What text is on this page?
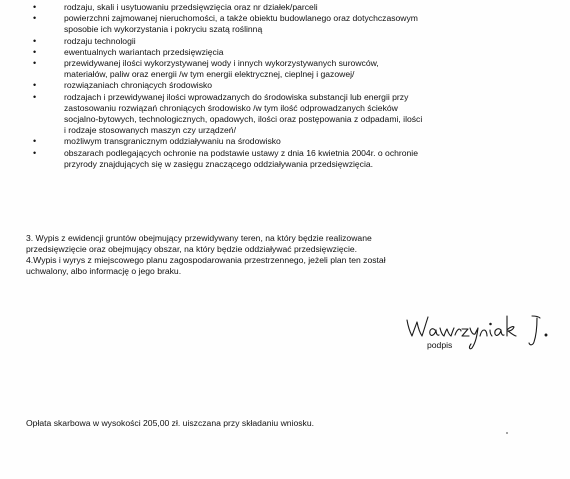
•	rodzaju, skali i usytuowaniu przedsięwzięcia oraz nr działek/parceli
•	powierzchni zajmowanej nieruchomości, a także obiektu budowlanego oraz dotychczasowym
sposobie ich wykorzystania i pokryciu szatą roślinną
•	rodzaju technologii
•	ewentualnych wariantach przedsięwzięcia
•	przewidywanej ilości wykorzystywanej wody i innych wykorzystywanych surowców,
materiałów, paliw oraz energii /w tym energii elektrycznej, cieplnej i gazowej/
•	rozwiązaniach chroniących środowisko
•	rodzajach i przewidywanej ilości wprowadzanych do środowiska substancji lub energii przy
zastosowaniu rozwiązań chroniących środowisko /w tym ilość odprowadzanych ścieków
socjalno-bytowych, technologicznych, opadowych, ilości oraz postępowania z odpadami, ilości
i rodzaje stosowanych maszyn czy urządzeń/
•	możliwym transgranicznym oddziaływaniu na środowisko
•	obszarach podlegających ochronie na podstawie ustawy z dnia 16 kwietnia 2004r. o ochronie
przyrody znajdujących się w zasięgu znaczącego oddziaływania przedsięwzięcia.

3. Wypis z ewidencji gruntów obejmujący przewidywany teren, na który będzie realizowane
przedsięwzięcie oraz obejmujący obszar, na który będzie oddziaływać przedsięwzięcie.

4.Wypis i wyrys z miejscowego planu zagospodarowania przestrzennego, jeżeli plan ten został
uchwalony, albo informację o jego braku.

podpis

Opłata skarbowa w wysokości 205,00 zł. uiszczana przy składaniu wniosku.
